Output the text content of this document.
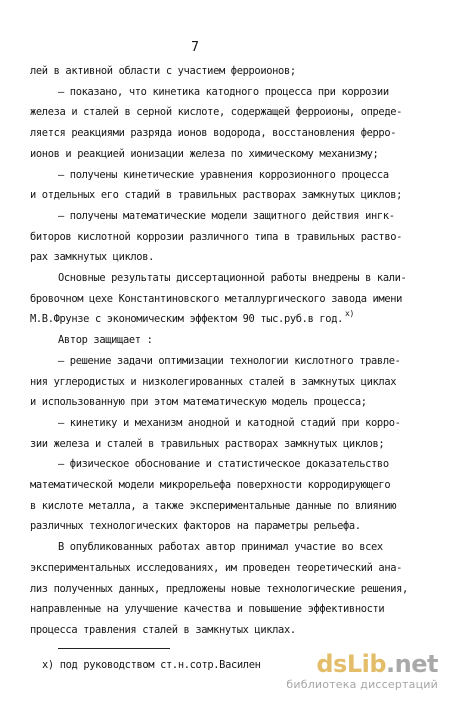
7
лей в активной области с участием ферроионов;
– показано, что кинетика катодного процесса при коррозии
железа и сталей в серной кислоте, содержащей ферроионы, опреде-
ляется реакциями разряда ионов водорода, восстановления ферро-
ионов и реакцией ионизации железа по химическому механизму;
– получены кинетические уравнения коррозионного процесса
и отдельных его стадий в травильных растворах замкнутых циклов;
– получены математические модели защитного действия ингк-
биторов кислотной коррозии различного типа в травильных раство-
рах замкнутых циклов.
Основные результаты диссертационной работы внедрены в кали-
бровочном цехе Константиновского металлургического завода имени
М.В.Фрунзе с экономическим эффектом 90 тыс.руб.в год. $^{х)}$
Автор защищает :
– решение задачи оптимизации технологии кислотного травле-
ния углеродистых и низколегированных сталей в замкнутых циклах
и использованную при этом математическую модель процесса;
– кинетику и механизм анодной и катодной стадий при корро-
зии железа и сталей в травильных растворах замкнутых циклов;
– физическое обоснование и статистическое доказательство
математической модели микрорельефа поверхности корродирующего
в кислоте металла, а также экспериментальные данные по влиянию
различных технологических факторов на параметры рельефа.
В опубликованных работах автор принимал участие во всех
экспериментальных исследованиях, им проведен теоретический ана-
лиз полученных данных, предложены новые технологические решения,
направленные на улучшение качества и повышение эффективности
процесса травления сталей в замкнутых циклах.
х) под руководством ст.н.сотр.Василен	dsLib.net
библиотека диссертаций
